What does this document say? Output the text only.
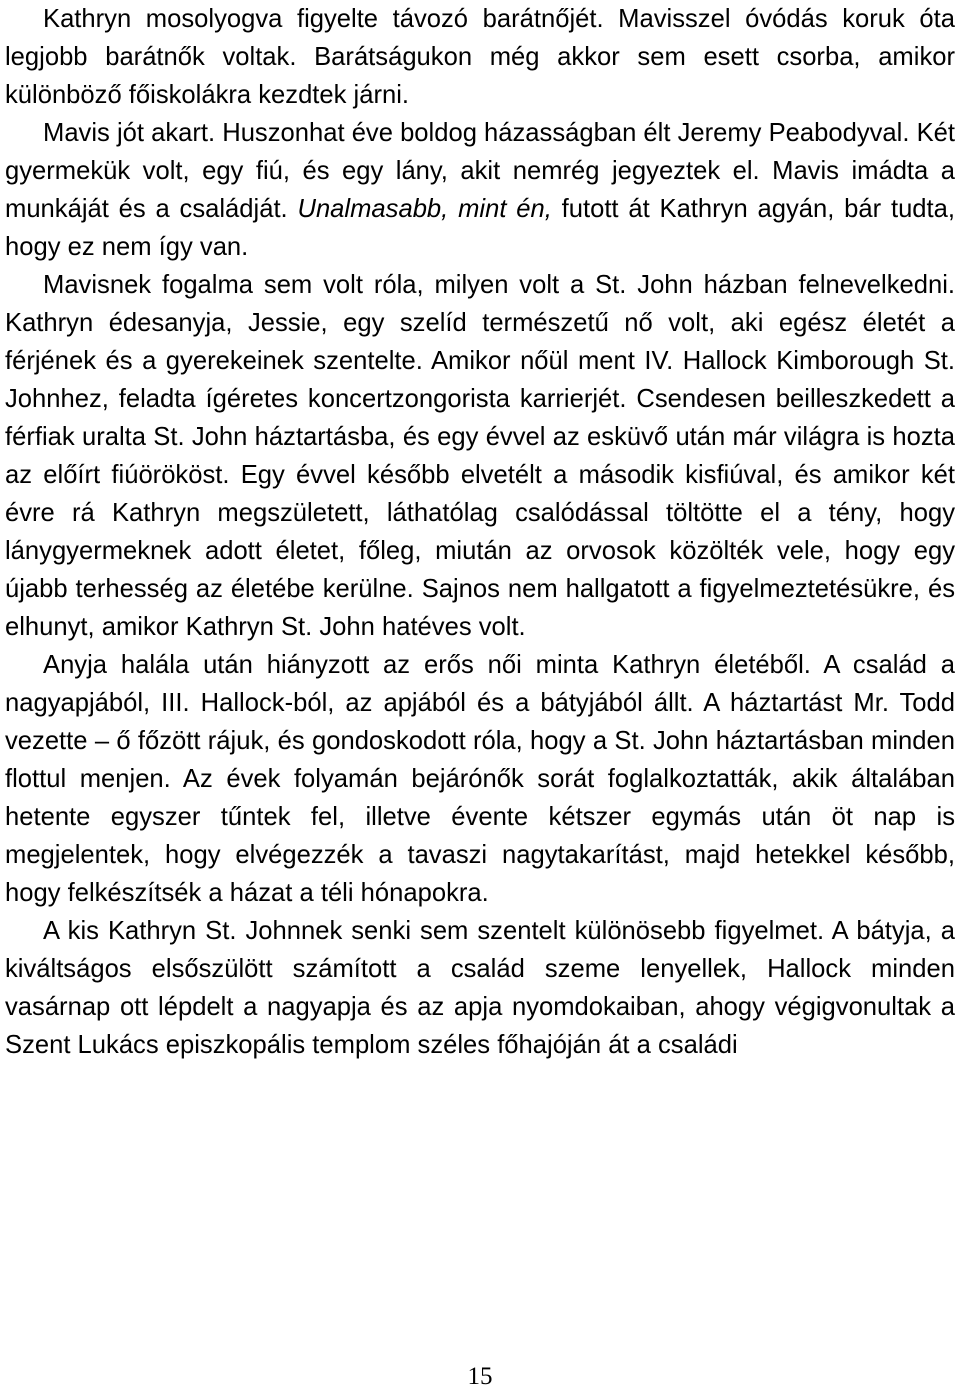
Kathryn mosolyogva figyelte távozó barátnőjét. Mavisszel óvódás koruk óta legjobb barátnők voltak. Barátságukon még akkor sem esett csorba, amikor különböző főiskolákra kezdtek járni.

Mavis jót akart. Huszonhat éve boldog házasságban élt Jeremy Peabodyval. Két gyermekük volt, egy fiú, és egy lány, akit nemrég jegyeztek el. Mavis imádta a munkáját és a családját. Unalmasabb, mint én, futott át Kathryn agyán, bár tudta, hogy ez nem így van.

Mavisnek fogalma sem volt róla, milyen volt a St. John házban felnevelkedni. Kathryn édesanyja, Jessie, egy szelíd természetű nő volt, aki egész életét a férjének és a gyerekeinek szentelte. Amikor nőül ment IV. Hallock Kimborough St. Johnhez, feladta ígéretes koncertzongorista karrierjét. Csendesen beilleszkedett a férfiak uralta St. John háztartásba, és egy évvel az esküvő után már világra is hozta az előírt fiúörököst. Egy évvel később elvetélt a második kisfiúval, és amikor két évre rá Kathryn megszületett, láthatólag csalódással töltötte el a tény, hogy lánygyermeknek adott életet, főleg, miután az orvosok közölték vele, hogy egy újabb terhesség az életébe kerülne. Sajnos nem hallgatott a figyelmeztetésükre, és elhunyt, amikor Kathryn St. John hatéves volt.

Anyja halála után hiányzott az erős női minta Kathryn életéből. A család a nagyapjából, III. Hallock-ból, az apjából és a bátyjából állt. A háztartást Mr. Todd vezette – ő főzött rájuk, és gondoskodott róla, hogy a St. John háztartásban minden flottul menjen. Az évek folyamán bejárónők sorát foglalkoztatták, akik általában hetente egyszer tűntek fel, illetve évente kétszer egymás után öt nap is megjelentek, hogy elvégezzék a tavaszi nagytakarítást, majd hetekkel később, hogy felkészítsék a házat a téli hónapokra.

A kis Kathryn St. Johnnek senki sem szentelt különösebb figyelmet. A bátyja, a kiváltságos elsőszülött számított a család szeme lenyellek, Hallock minden vasárnap ott lépdelt a nagyapja és az apja nyomdokaiban, ahogy végigvonultak a Szent Lukács episzkopális templom széles főhajóján át a családi

15
